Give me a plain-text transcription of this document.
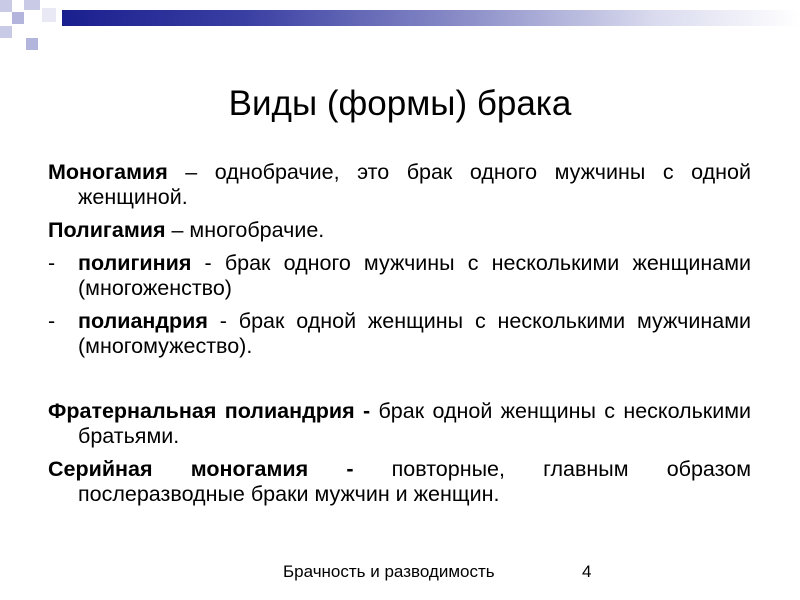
Виды (формы) брака

Моногамия – однобрачие, это брак одного мужчины с одной женщиной.

Полигамия – многобрачие.

-	полигиния - брак одного мужчины с несколькими женщинами (многоженство)
-	полиандрия - брак одной женщины с несколькими мужчинами (многомужество).

Фратернальная полиандрия - брак одной женщины с несколькими братьями.

Серийная моногамия - повторные, главным образом послеразводные браки мужчин и женщин.

Брачность и разводимость	4
